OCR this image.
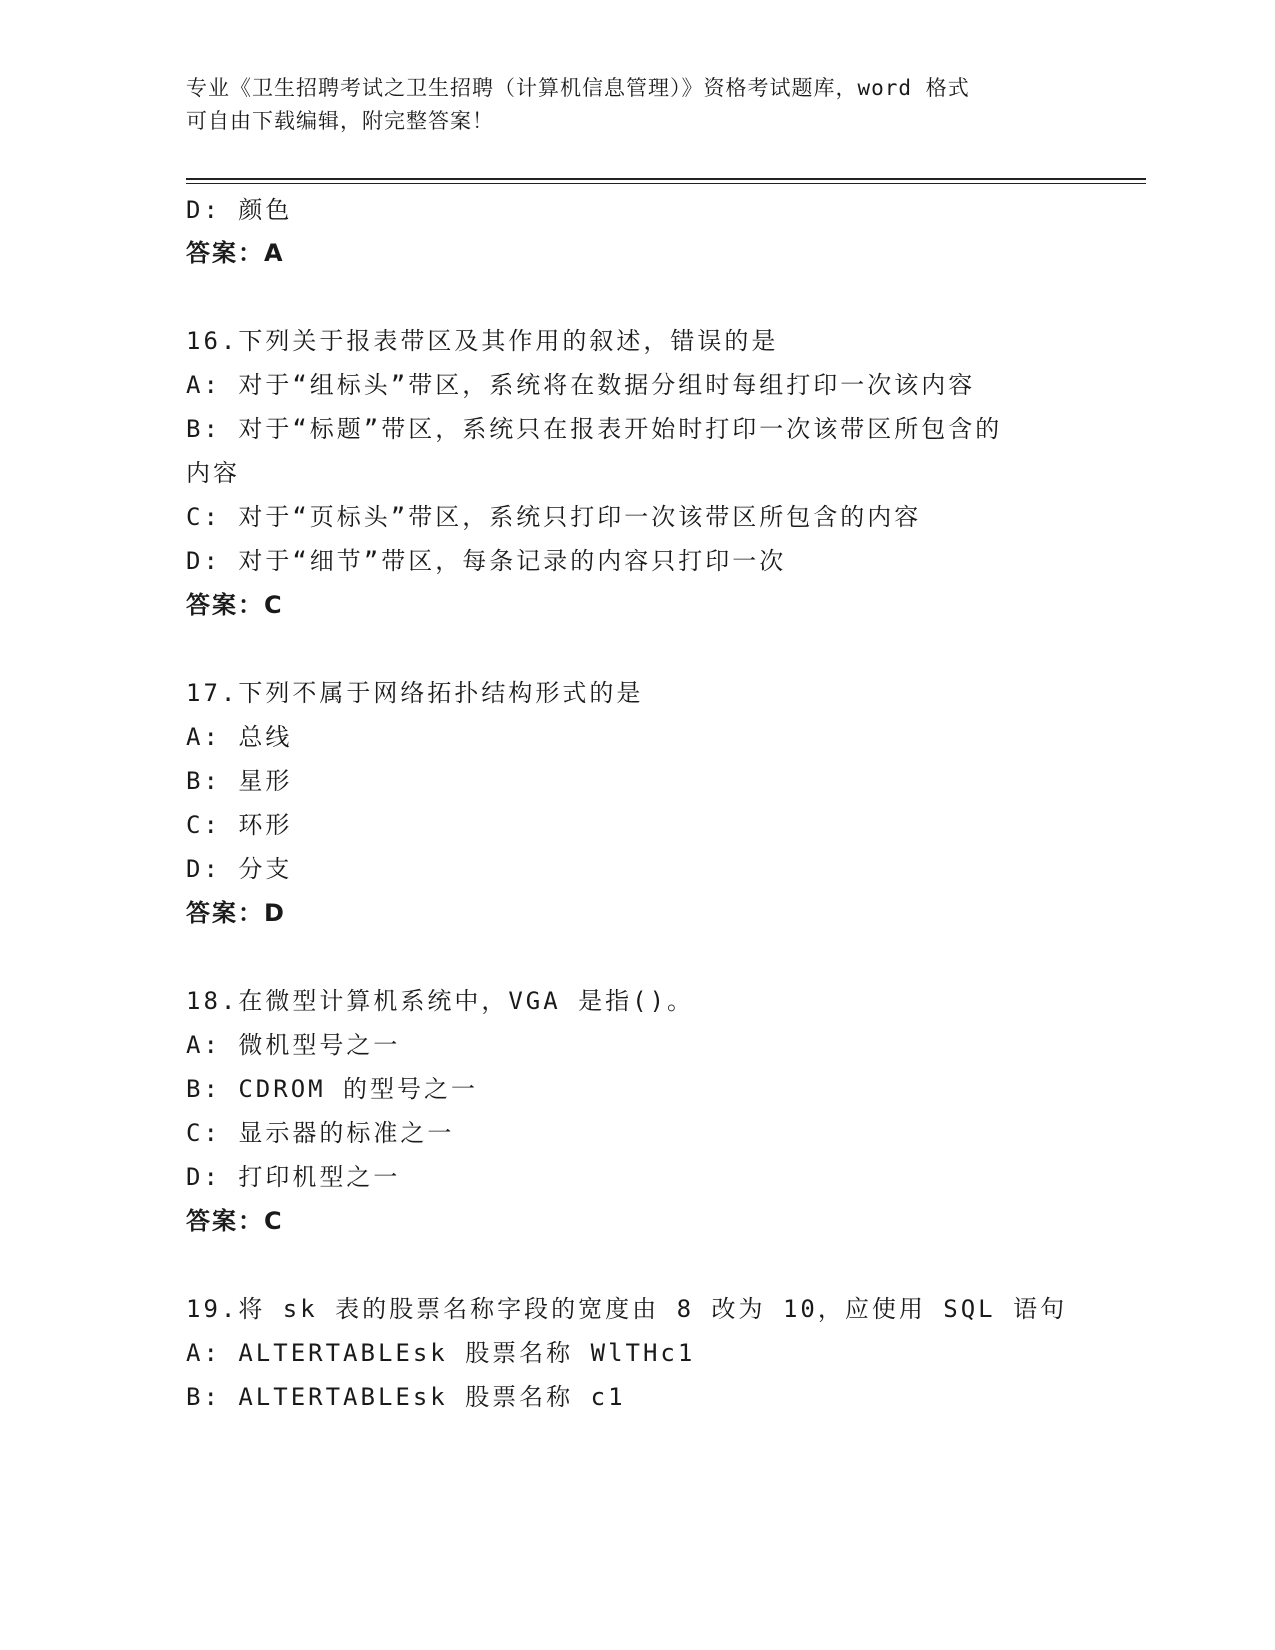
专业《卫生招聘考试之卫生招聘（计算机信息管理）》资格考试题库，word 格式
可自由下载编辑，附完整答案！
D: 颜色
答案：A
16.下列关于报表带区及其作用的叙述，错误的是
A: 对于“组标头”带区，系统将在数据分组时每组打印一次该内容
B: 对于“标题”带区，系统只在报表开始时打印一次该带区所包含的
内容
C: 对于“页标头”带区，系统只打印一次该带区所包含的内容
D: 对于“细节”带区，每条记录的内容只打印一次
答案：C
17.下列不属于网络拓扑结构形式的是
A: 总线
B: 星形
C: 环形
D: 分支
答案：D
18.在微型计算机系统中，VGA 是指()。
A: 微机型号之一
B: CDROM 的型号之一
C: 显示器的标准之一
D: 打印机型之一
答案：C
19.将 sk 表的股票名称字段的宽度由 8 改为 10，应使用 SQL 语句
A: ALTERTABLEsk 股票名称 WlTHc1
B: ALTERTABLEsk 股票名称 c1
